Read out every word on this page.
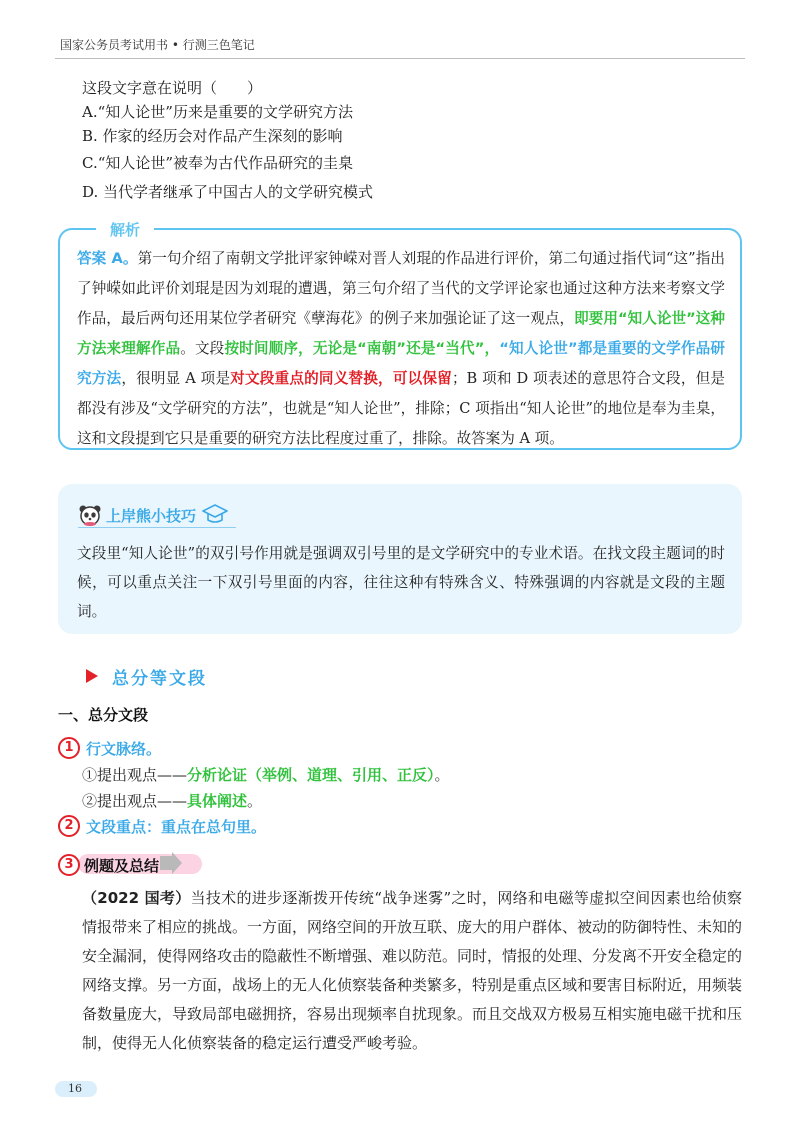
国家公务员考试用书 • 行测三色笔记
这段文字意在说明（　　）
A.“知人论世”历来是重要的文学研究方法
B. 作家的经历会对作品产生深刻的影响
C.“知人论世”被奉为古代作品研究的圭臬
D. 当代学者继承了中国古人的文学研究模式
解析
答案 A。第一句介绍了南朝文学批评家钟嵘对晋人刘琨的作品进行评价，第二句通过指代词“这”指出了钟嵘如此评价刘琨是因为刘琨的遭遇，第三句介绍了当代的文学评论家也通过这种方法来考察文学作品，最后两句还用某位学者研究《孽海花》的例子来加强论证了这一观点，即要用“知人论世”这种方法来理解作品。文段按时间顺序，无论是“南朝”还是“当代”，“知人论世”都是重要的文学作品研究方法，很明显 A 项是对文段重点的同义替换，可以保留；B 项和 D 项表述的意思符合文段，但是都没有涉及“文学研究的方法”，也就是“知人论世”，排除；C 项指出“知人论世”的地位是奉为圭臬，这和文段提到它只是重要的研究方法比程度过重了，排除。故答案为 A 项。
上岸熊小技巧
文段里“知人论世”的双引号作用就是强调双引号里的是文学研究中的专业术语。在找文段主题词的时候，可以重点关注一下双引号里面的内容，往往这种有特殊含义、特殊强调的内容就是文段的主题词。
总分等文段
一、总分文段
1 行文脉络。
①提出观点——分析论证（举例、道理、引用、正反）。
②提出观点——具体阐述。
2 文段重点：重点在总句里。
3 例题及总结
（2022 国考）当技术的进步逐渐拨开传统“战争迷雾”之时，网络和电磁等虚拟空间因素也给侦察情报带来了相应的挑战。一方面，网络空间的开放互联、庞大的用户群体、被动的防御特性、未知的安全漏洞，使得网络攻击的隐蔽性不断增强、难以防范。同时，情报的处理、分发离不开安全稳定的网络支撑。另一方面，战场上的无人化侦察装备种类繁多，特别是重点区域和要害目标附近，用频装备数量庞大，导致局部电磁拥挤，容易出现频率自扰现象。而且交战双方极易互相实施电磁干扰和压制，使得无人化侦察装备的稳定运行遭受严峻考验。
16
